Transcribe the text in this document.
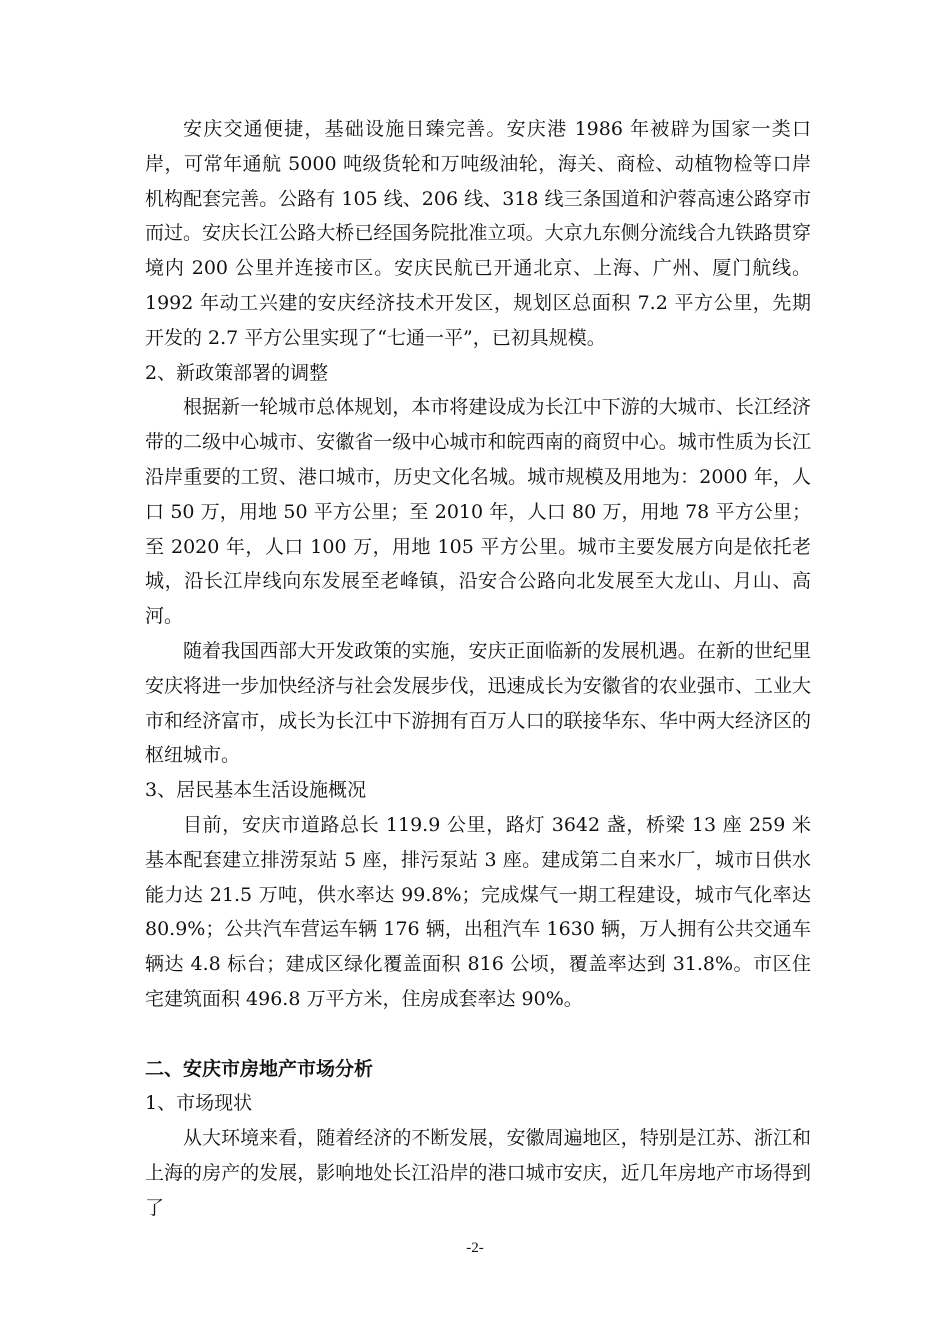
安庆交通便捷，基础设施日臻完善。安庆港 1986 年被辟为国家一类口岸，可常年通航 5000 吨级货轮和万吨级油轮，海关、商检、动植物检等口岸机构配套完善。公路有 105 线、206 线、318 线三条国道和沪蓉高速公路穿市而过。安庆长江公路大桥已经国务院批准立项。大京九东侧分流线合九铁路贯穿境内 200 公里并连接市区。安庆民航已开通北京、上海、广州、厦门航线。1992 年动工兴建的安庆经济技术开发区，规划区总面积 7.2 平方公里，先期开发的 2.7 平方公里实现了“七通一平”，已初具规模。

2、新政策部署的调整

根据新一轮城市总体规划，本市将建设成为长江中下游的大城市、长江经济带的二级中心城市、安徽省一级中心城市和皖西南的商贸中心。城市性质为长江沿岸重要的工贸、港口城市，历史文化名城。城市规模及用地为：2000 年，人口 50 万，用地 50 平方公里；至 2010 年，人口 80 万，用地 78 平方公里；至 2020 年，人口 100 万，用地 105 平方公里。城市主要发展方向是依托老城，沿长江岸线向东发展至老峰镇，沿安合公路向北发展至大龙山、月山、高河。

随着我国西部大开发政策的实施，安庆正面临新的发展机遇。在新的世纪里安庆将进一步加快经济与社会发展步伐，迅速成长为安徽省的农业强市、工业大市和经济富市，成长为长江中下游拥有百万人口的联接华东、华中两大经济区的枢纽城市。

3、居民基本生活设施概况

目前，安庆市道路总长 119.9 公里，路灯 3642 盏，桥梁 13 座 259 米基本配套建立排涝泵站 5 座，排污泵站 3 座。建成第二自来水厂，城市日供水能力达 21.5 万吨，供水率达 99.8%；完成煤气一期工程建设，城市气化率达 80.9%；公共汽车营运车辆 176 辆，出租汽车 1630 辆，万人拥有公共交通车辆达 4.8 标台；建成区绿化覆盖面积 816 公顷，覆盖率达到 31.8%。市区住宅建筑面积 496.8 万平方米，住房成套率达 90%。

二、安庆市房地产市场分析

1、市场现状

从大环境来看，随着经济的不断发展，安徽周遍地区，特别是江苏、浙江和上海的房产的发展，影响地处长江沿岸的港口城市安庆，近几年房地产市场得到了

-2-
